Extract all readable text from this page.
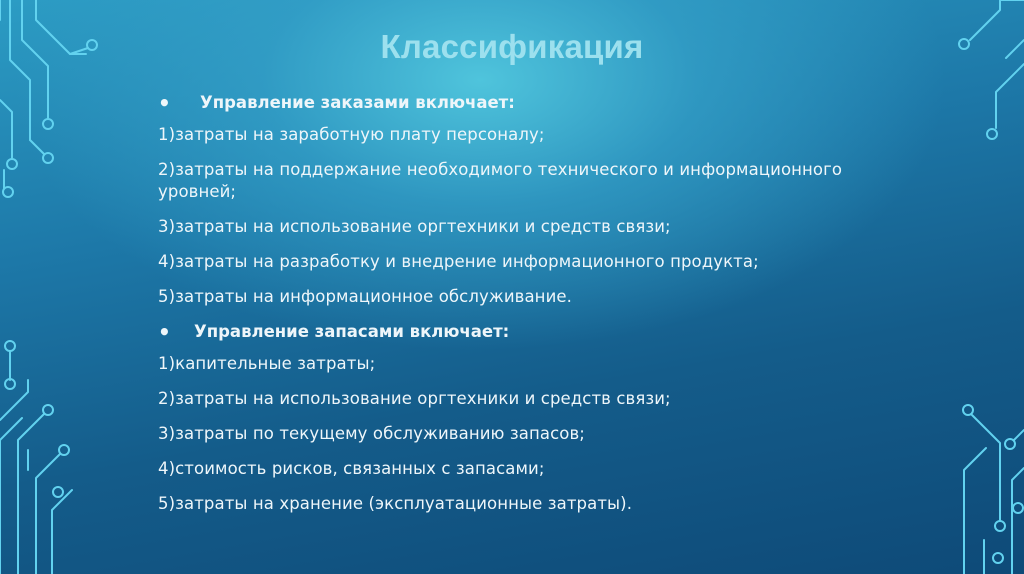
Классификация
•	Управление заказами включает:
1)затраты на заработную плату персоналу;
2)затраты на поддержание необходимого технического и информационного уровней;
3)затраты на использование оргтехники и средств связи;
4)затраты на разработку и внедрение информационного продукта;
5)затраты на информационное обслуживание.
•	Управление запасами включает:
1)капительные затраты;
2)затраты на использование оргтехники и средств связи;
3)затраты по текущему обслуживанию запасов;
4)стоимость рисков, связанных с запасами;
5)затраты на хранение (эксплуатационные затраты).
